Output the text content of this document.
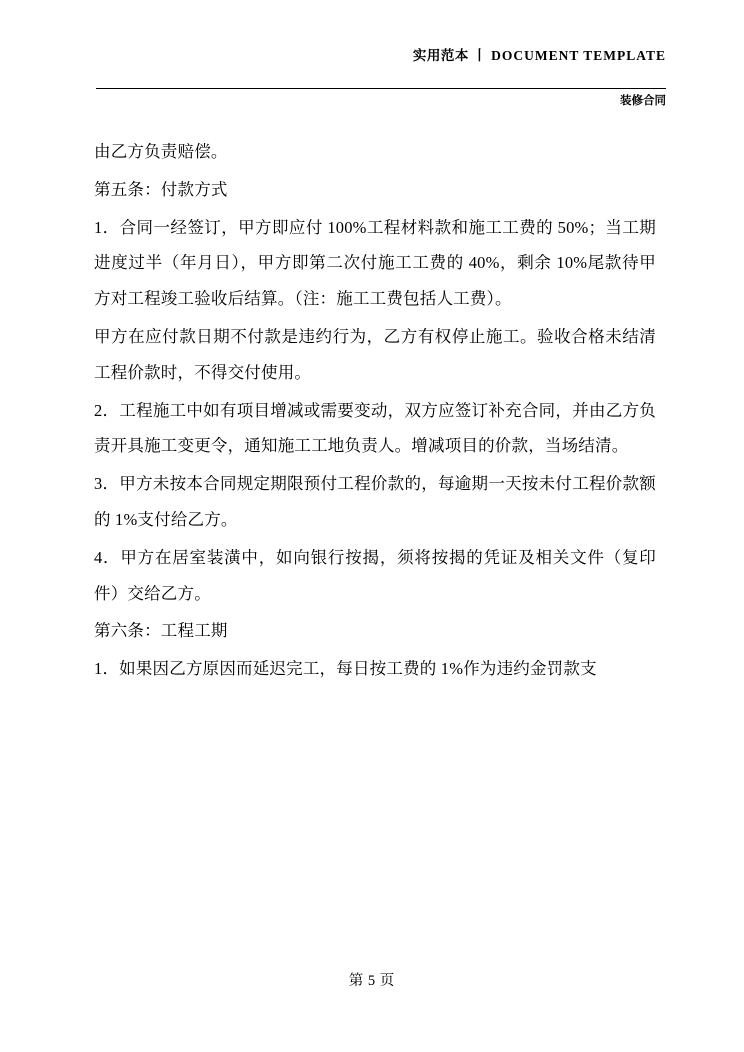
实用范本 丨 DOCUMENT TEMPLATE
装修合同

由乙方负责赔偿。

第五条：付款方式

1．合同一经签订，甲方即应付 100%工程材料款和施工工费的 50%；当工期进度过半（年月日），甲方即第二次付施工工费的 40%，剩余 10%尾款待甲方对工程竣工验收后结算。（注：施工工费包括人工费）。

甲方在应付款日期不付款是违约行为，乙方有权停止施工。验收合格未结清工程价款时，不得交付使用。

2．工程施工中如有项目增减或需要变动，双方应签订补充合同，并由乙方负责开具施工变更令，通知施工工地负责人。增减项目的价款，当场结清。

3．甲方未按本合同规定期限预付工程价款的，每逾期一天按未付工程价款额的 1%支付给乙方。

4．甲方在居室装潢中，如向银行按揭，须将按揭的凭证及相关文件（复印件）交给乙方。

第六条：工程工期

1．如果因乙方原因而延迟完工，每日按工费的 1%作为违约金罚款支

第 5 页
